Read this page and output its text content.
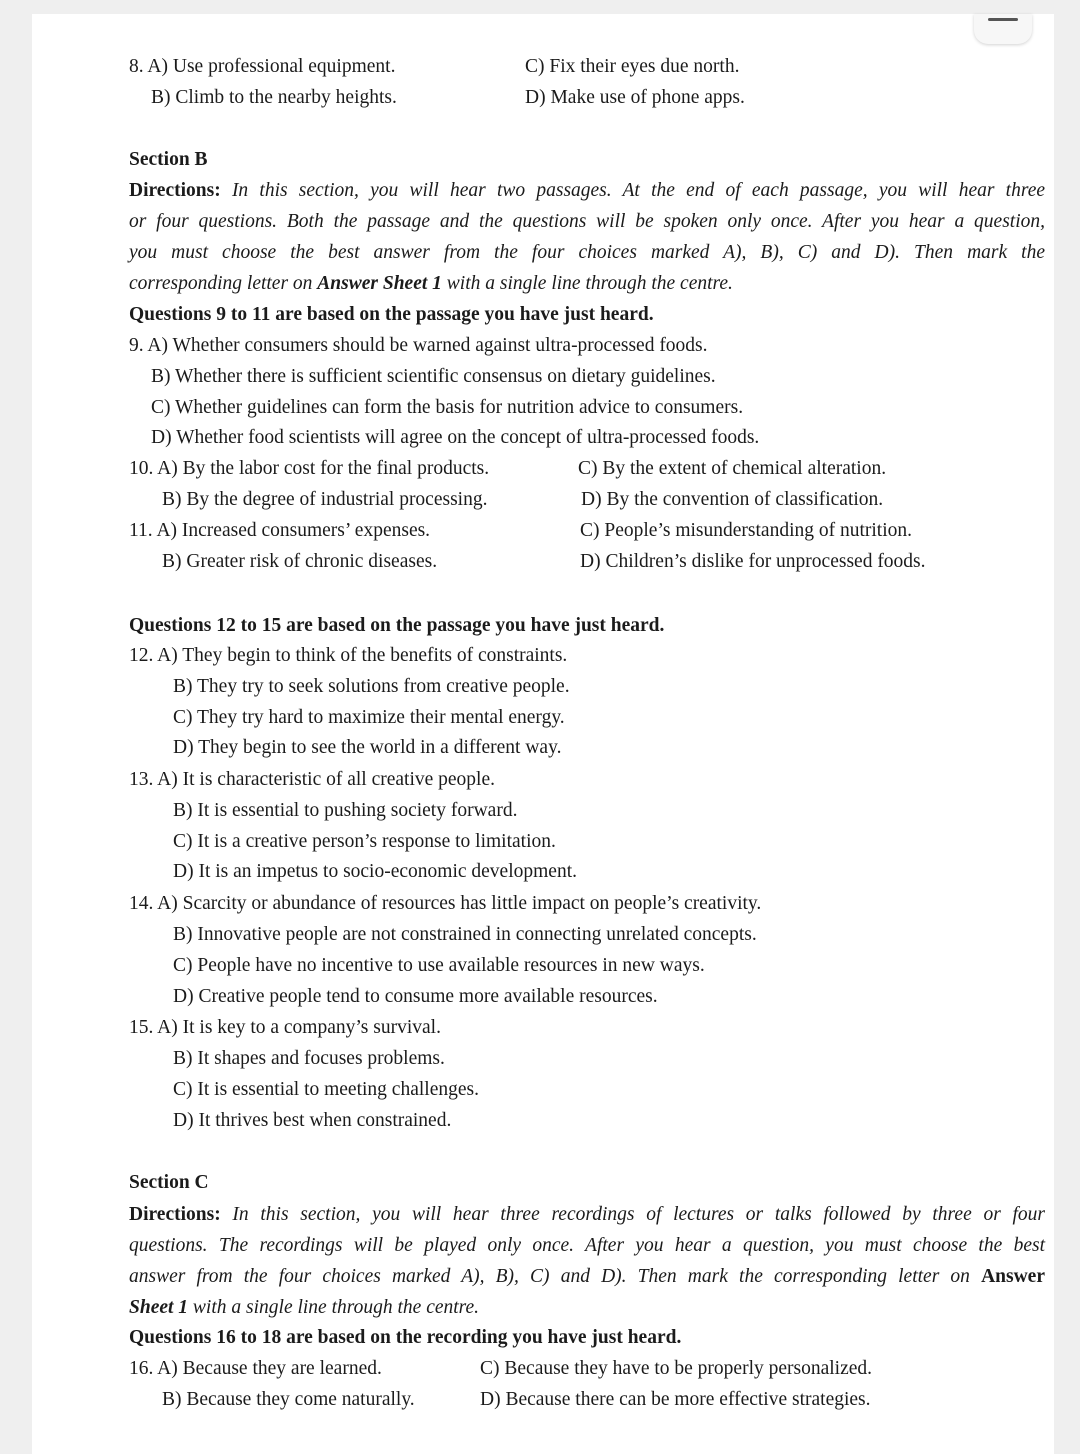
8. A) Use professional equipment.	C) Fix their eyes due north.
B) Climb to the nearby heights.	D) Make use of phone apps.
Section B
Directions: In this section, you will hear two passages. At the end of each passage, you will hear three
or four questions. Both the passage and the questions will be spoken only once. After you hear a question,
you must choose the best answer from the four choices marked A), B), C) and D). Then mark the
corresponding letter on Answer Sheet 1 with a single line through the centre.
Questions 9 to 11 are based on the passage you have just heard.
9. A) Whether consumers should be warned against ultra-processed foods.
B) Whether there is sufficient scientific consensus on dietary guidelines.
C) Whether guidelines can form the basis for nutrition advice to consumers.
D) Whether food scientists will agree on the concept of ultra-processed foods.
10. A) By the labor cost for the final products.	C) By the extent of chemical alteration.
B) By the degree of industrial processing.	D) By the convention of classification.
11. A) Increased consumers’ expenses.	C) People’s misunderstanding of nutrition.
B) Greater risk of chronic diseases.	D) Children’s dislike for unprocessed foods.
Questions 12 to 15 are based on the passage you have just heard.
12. A) They begin to think of the benefits of constraints.
B) They try to seek solutions from creative people.
C) They try hard to maximize their mental energy.
D) They begin to see the world in a different way.
13. A) It is characteristic of all creative people.
B) It is essential to pushing society forward.
C) It is a creative person’s response to limitation.
D) It is an impetus to socio-economic development.
14. A) Scarcity or abundance of resources has little impact on people’s creativity.
B) Innovative people are not constrained in connecting unrelated concepts.
C) People have no incentive to use available resources in new ways.
D) Creative people tend to consume more available resources.
15. A) It is key to a company’s survival.
B) It shapes and focuses problems.
C) It is essential to meeting challenges.
D) It thrives best when constrained.
Section C
Directions: In this section, you will hear three recordings of lectures or talks followed by three or four
questions. The recordings will be played only once. After you hear a question, you must choose the best
answer from the four choices marked A), B), C) and D). Then mark the corresponding letter on Answer
Sheet 1 with a single line through the centre.
Questions 16 to 18 are based on the recording you have just heard.
16. A) Because they are learned.	C) Because they have to be properly personalized.
B) Because they come naturally.	D) Because there can be more effective strategies.
